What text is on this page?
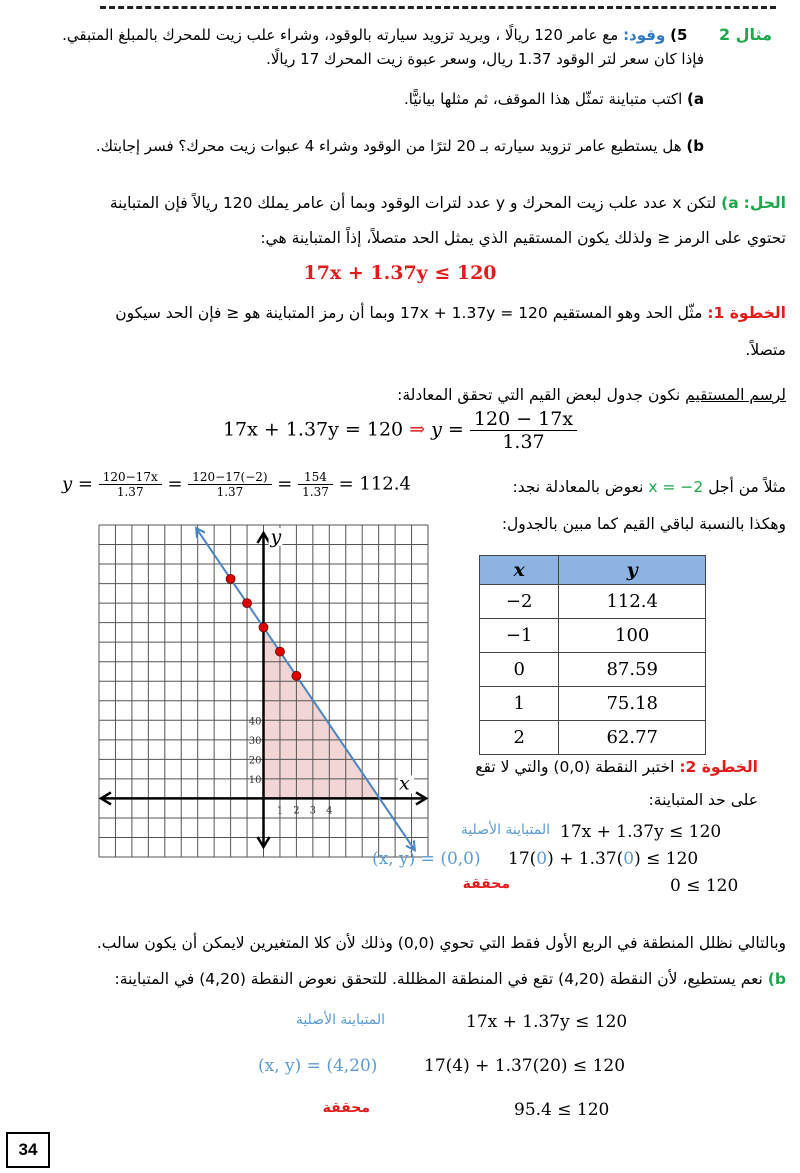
مثال 2  5) وقود: مع عامر 120 ريالًا ، ويريد تزويد سيارته بالوقود، وشراء علب زيت للمحرك بالمبلغ المتبقي.
فإذا كان سعر لتر الوقود 1.37 ريال، وسعر عبوة زيت المحرك 17 ريالًا.
a) اكتب متباينة تمثّل هذا الموقف، ثم مثلها بيانيًّا.
b) هل يستطيع عامر تزويد سيارته بـ 20 لترًا من الوقود وشراء 4 عبوات زيت محرك؟ فسر إجابتك.
الحل: a) لتكن x عدد علب زيت المحرك و y عدد لترات الوقود وبما أن عامر يملك 120 ريالاً فإن المتباينة
تحتوي على الرمز ≤ ولذلك يكون المستقيم الذي يمثل الحد متصلاً، إذاً المتباينة هي:
17x + 1.37y ≤ 120
الخطوة 1: مثّل الحد وهو المستقيم 17x + 1.37y = 120 وبما أن رمز المتباينة هو ≤ فإن الحد سيكون
متصلاً.
لرسم المستقيم نكون جدول لبعض القيم التي تحقق المعادلة:
17x + 1.37y = 120 ⇒ $y = \frac{120 - 17x}{1.37}$
$y = \frac{120-17x}{1.37} = \frac{120-17(-2)}{1.37} = \frac{154}{1.37} = 112.4$	مثلاً من أجل x = −2 نعوض بالمعادلة نجد:
وهكذا بالنسبة لباقي القيم كما مبين بالجدول:
1 2 3 4
10
20
30
40
y
x
x	y
−2	112.4
−1	100
0	87.59
1	75.18
2	62.77
الخطوة 2: اختبر النقطة (0,0) والتي لا تقع
على حد المتباينة:
المتباينة الأصلية 17x + 1.37y ≤ 120
(x, y) = (0,0) 17(0) + 1.37(0) ≤ 120
محققة	0 ≤ 120
وبالتالي نظلل المنطقة في الربع الأول فقط التي تحوي (0,0) وذلك لأن كلا المتغيرين لايمكن أن يكون سالب.
b) نعم يستطيع، لأن النقطة (4,20) تقع في المنطقة المظللة. للتحقق نعوض النقطة (4,20) في المتباينة:
المتباينة الأصلية	17x + 1.37y ≤ 120
(x, y) = (4,20)	17(4) + 1.37(20) ≤ 120
محققة	95.4 ≤ 120
34
